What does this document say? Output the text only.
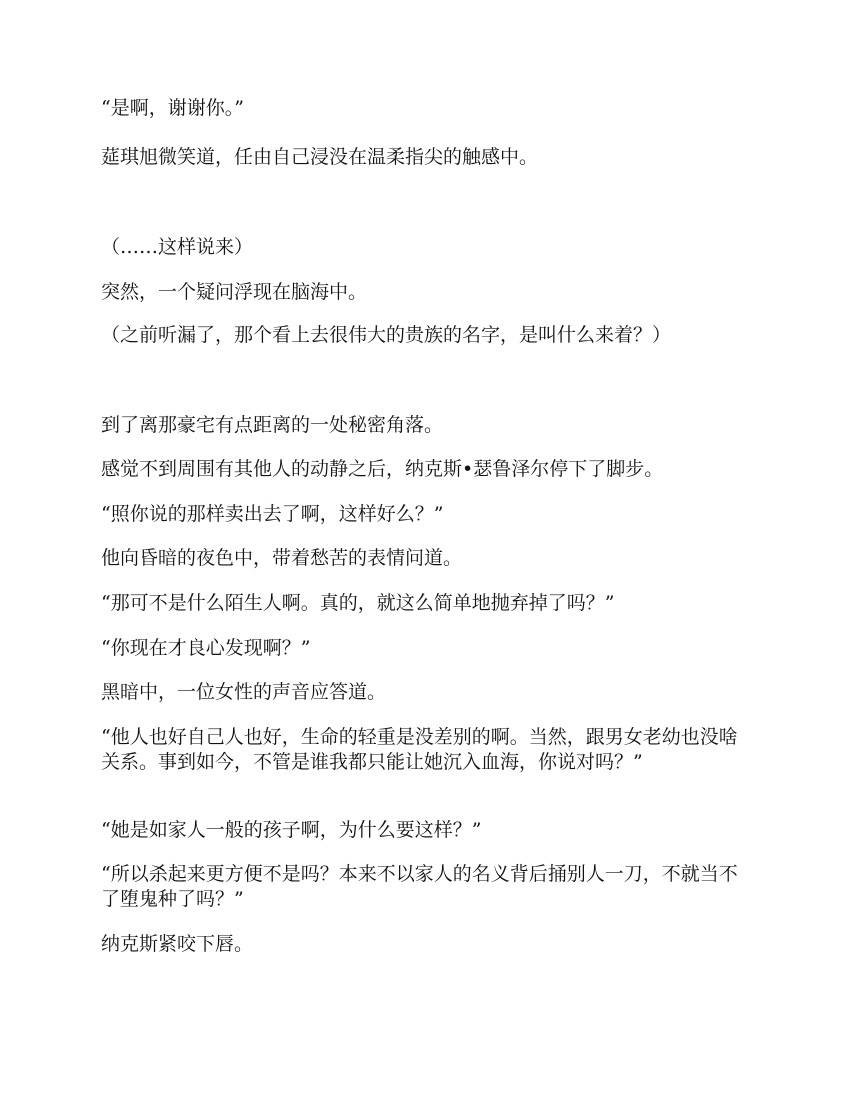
“是啊，谢谢你。”

莚琪旭微笑道，任由自己浸没在温柔指尖的触感中。

（……这样说来）

突然，一个疑问浮现在脑海中。

（之前听漏了，那个看上去很伟大的贵族的名字，是叫什么来着？）

到了离那豪宅有点距离的一处秘密角落。

感觉不到周围有其他人的动静之后，纳克斯•瑟鲁泽尔停下了脚步。

“照你说的那样卖出去了啊，这样好么？”

他向昏暗的夜色中，带着愁苦的表情问道。

“那可不是什么陌生人啊。真的，就这么简单地抛弃掉了吗？”

“你现在才良心发现啊？”

黑暗中，一位女性的声音应答道。

“他人也好自己人也好，生命的轻重是没差别的啊。当然，跟男女老幼也没啥关系。事到如今，不管是谁我都只能让她沉入血海，你说对吗？”

“她是如家人一般的孩子啊，为什么要这样？”

“所以杀起来更方便不是吗？本来不以家人的名义背后捅别人一刀，不就当不了堕鬼种了吗？”

纳克斯紧咬下唇。
